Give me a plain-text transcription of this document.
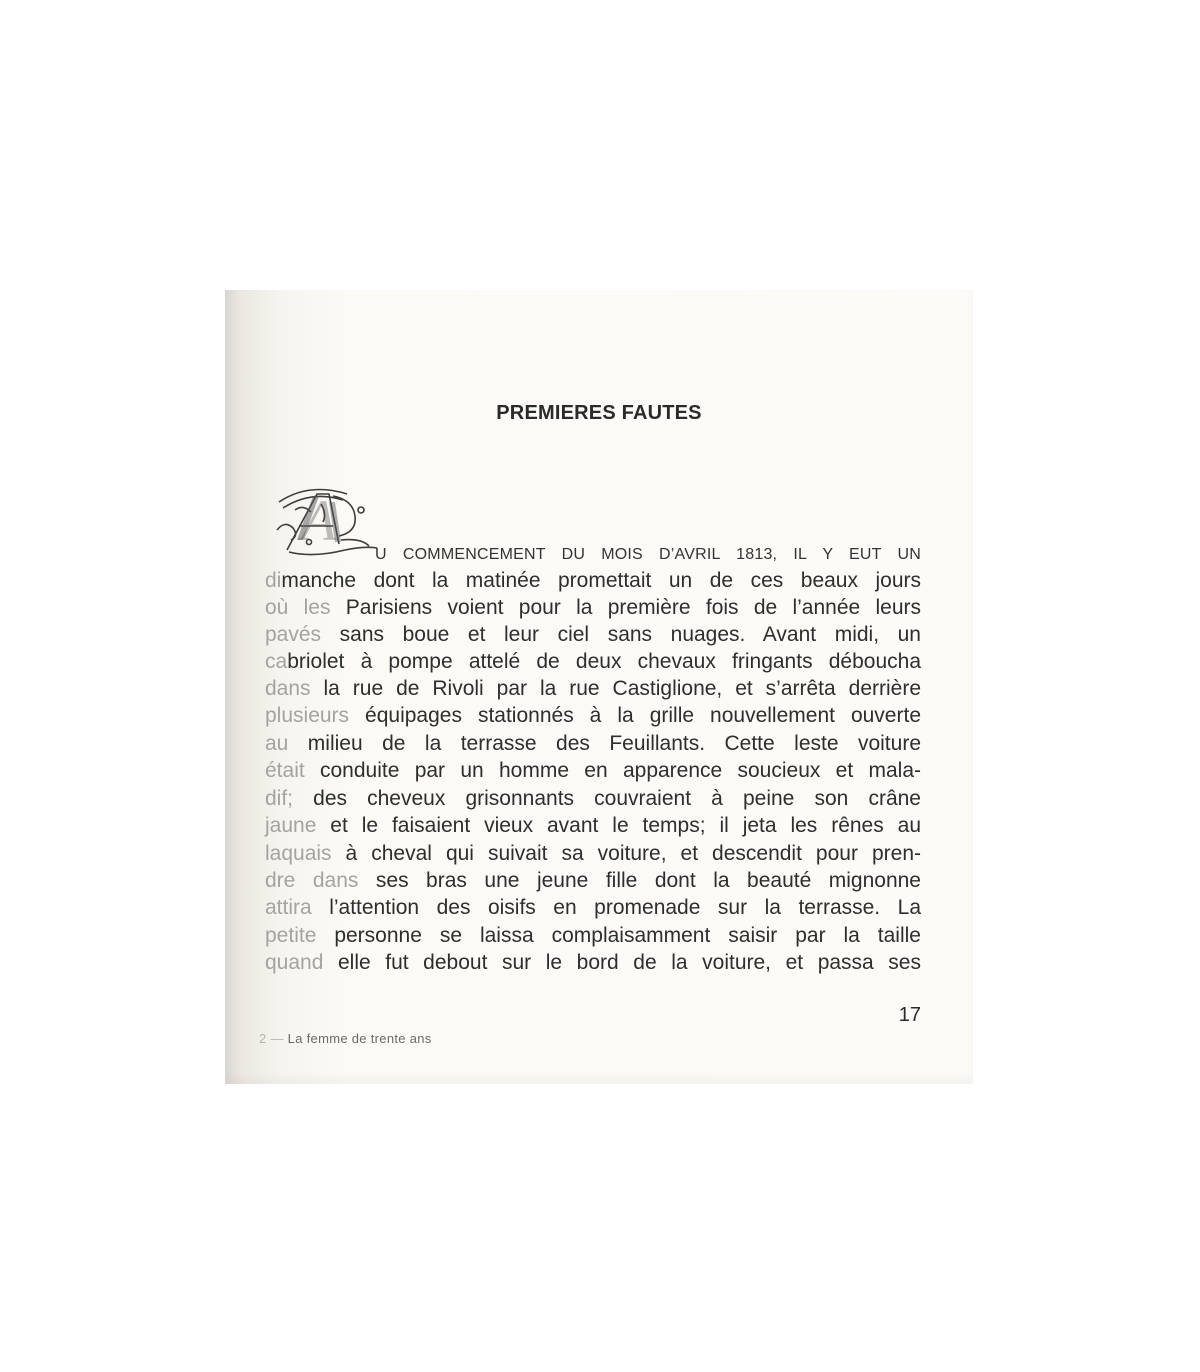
PREMIERES FAUTES
A

U COMMENCEMENT DU MOIS D’AVRIL 1813, IL Y EUT UN

dimanche dont la matinée promettait un de ces beaux jours

où les Parisiens voient pour la première fois de l’année leurs

pavés sans boue et leur ciel sans nuages. Avant midi, un

cabriolet à pompe attelé de deux chevaux fringants déboucha

dans la rue de Rivoli par la rue Castiglione, et s’arrêta derrière

plusieurs équipages stationnés à la grille nouvellement ouverte

au milieu de la terrasse des Feuillants. Cette leste voiture

était conduite par un homme en apparence soucieux et mala-

dif; des cheveux grisonnants couvraient à peine son crâne

jaune et le faisaient vieux avant le temps; il jeta les rênes au

laquais à cheval qui suivait sa voiture, et descendit pour pren-

dre dans ses bras une jeune fille dont la beauté mignonne

attira l’attention des oisifs en promenade sur la terrasse. La

petite personne se laissa complaisamment saisir par la taille

quand elle fut debout sur le bord de la voiture, et passa ses

17
2 — La femme de trente ans
